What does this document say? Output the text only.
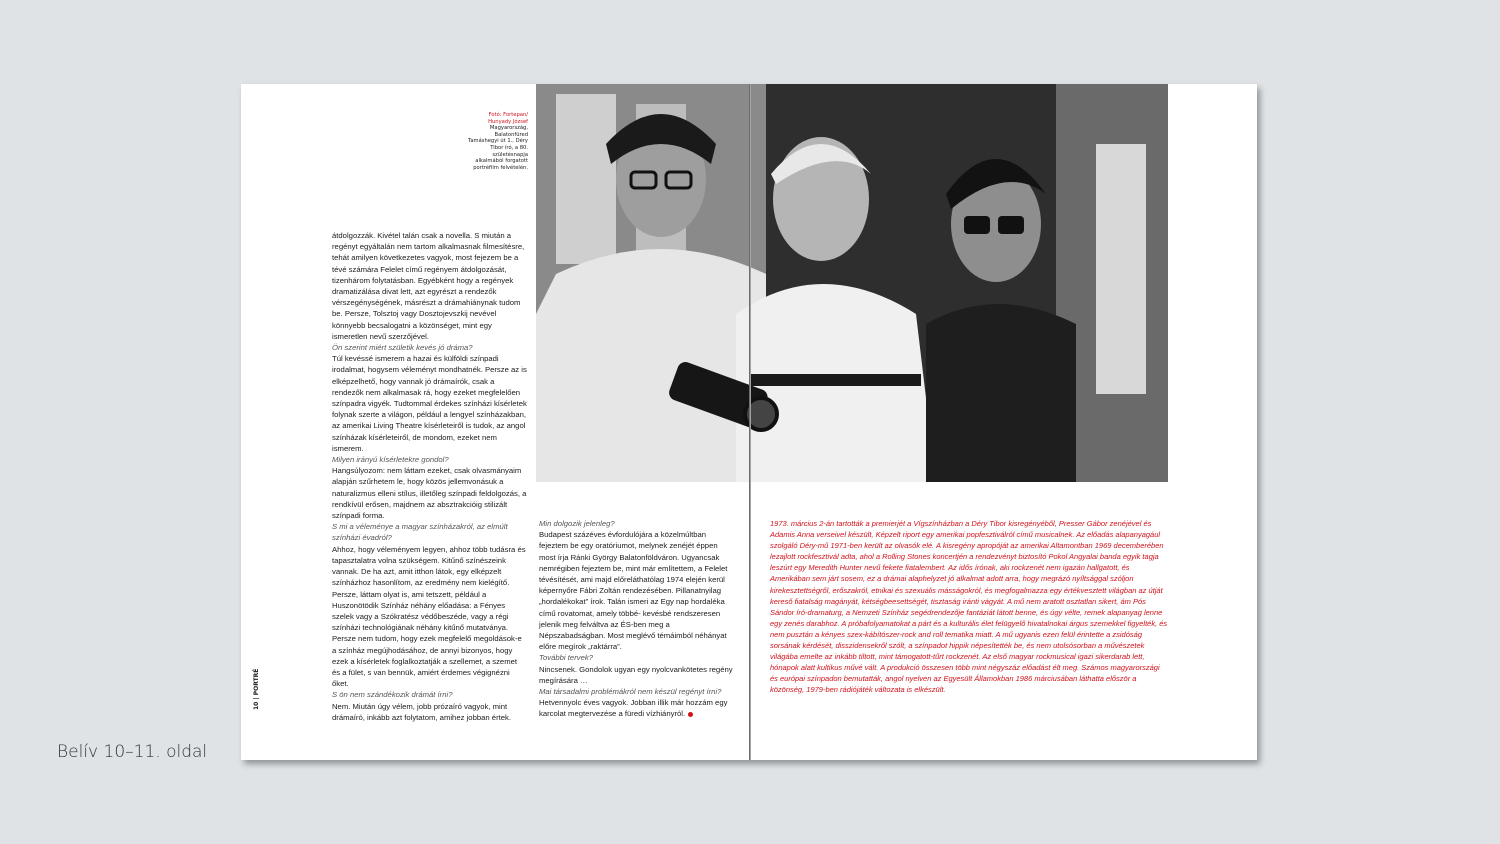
Fotó: Fortepan/ Hunyady József Magyarország, Balatonfüred Tamáshegyi út 1., Déry Tibor író, a 80. születésnapja alkalmából forgatott portréfilm felvételén.

átdolgozzák. Kivétel talán csak a novella. S miután a regényt egyáltalán nem tartom alkalmasnak filmesítésre, tehát amilyen következetes vagyok, most fejezem be a tévé számára Felelet című regényem átdolgozását, tizenhárom folytatásban. Egyébként hogy a regények dramatizálása divat lett, azt egyrészt a rendezők vérszegénységének, másrészt a drámahiánynak tudom be. Persze, Tolsztoj vagy Dosztojevszkij nevével könnyebb becsalogatni a közönséget, mint egy ismeretlen nevű szerzőjével.

Ön szerint miért születik kevés jó dráma?

Túl kevéssé ismerem a hazai és külföldi színpadi irodalmat, hogysem véleményt mondhatnék. Persze az is elképzelhető, hogy vannak jó drámaírók, csak a rendezők nem alkalmasak rá, hogy ezeket megfelelően színpadra vigyék. Tudtommal érdekes színházi kísérletek folynak szerte a világon, például a lengyel színházakban, az amerikai Living Theatre kísérleteiről is tudok, az angol színházak kísérleteiről, de mondom, ezeket nem ismerem.

Milyen irányú kísérletekre gondol?

Hangsúlyozom: nem láttam ezeket, csak olvasmányaim alapján szűrhetem le, hogy közös jellemvonásuk a naturalizmus elleni stílus, illetőleg színpadi feldolgozás, a rendkívül erősen, majdnem az absztrakcióig stilizált színpadi forma.

S mi a véleménye a magyar színházakról, az elmúlt színházi évadról?

Ahhoz, hogy véleményem legyen, ahhoz több tudásra és tapasztalatra volna szükségem. Kitűnő színészeink vannak. De ha azt, amit itthon látok, egy elképzelt színházhoz hasonlítom, az eredmény nem kielégítő. Persze, láttam olyat is, ami tetszett, például a Huszonötödik Színház néhány előadása: a Fényes szelek vagy a Szókratész védőbeszéde, vagy a régi színházi technológiának néhány kitűnő mutatványa. Persze nem tudom, hogy ezek megfelelő megoldások-e a színház megújhodásához, de annyi bizonyos, hogy ezek a kísérletek foglalkoztatják a szellemet, a szemet és a fület, s van bennük, amiért érdemes végignézni őket.

S ön nem szándékozik drámát írni?

Nem. Miután úgy vélem, jobb prózaíró vagyok, mint drámaíró, inkább azt folytatom, amihez jobban értek.

Min dolgozik jelenleg?

Budapest százéves évfordulójára a közelmúltban fejeztem be egy oratóriumot, melynek zenéjét éppen most írja Ránki György Balatonföldváron. Ugyancsak nemrégiben fejeztem be, mint már említettem, a Felelet tévésítését, ami majd előreláthatólag 1974 elején kerül képernyőre Fábri Zoltán rendezésében. Pillanatnyilag „hordalékokat” írok. Talán ismeri az Egy nap hordaléka című rovatomat, amely többé- kevésbé rendszeresen jelenik meg felváltva az ÉS-ben meg a Népszabadságban. Most meglévő témáimból néhányat előre megírok „raktárra”.

További tervek?

Nincsenek. Gondolok ugyan egy nyolcvankötetes regény megírására …

Mai társadalmi problémákról nem készül regényt írni?

Hetvennyolc éves vagyok. Jobban illik már hozzám egy karcolat megtervezése a füredi vízhiányról.

1973. március 2-án tartották a premierjét a Vígszínházban a Déry Tibor kisregényéből, Presser Gábor zenéjével és Adamis Anna verseivel készült, Képzelt riport egy amerikai popfesztiválról című musicalnek. Az előadás alapanyagául szolgáló Déry-mű 1971-ben került az olvasók elé. A kisregény apropóját az amerikai Altamontban 1969 decemberében lezajlott rockfesztivál adta, ahol a Rolling Stones koncertjén a rendezvényt biztosító Pokol Angyalai banda egyik tagja leszúrt egy Meredith Hunter nevű fekete fiatalembert. Az idős írónak, aki rockzenét nem igazán hallgatott, és Amerikában sem járt sosem, ez a drámai alaphelyzet jó alkalmat adott arra, hogy megrázó nyíltsággal szóljon kirekesztettségről, erőszakról, etnikai és szexuális másságokról, és megfogalmazza egy értékvesztett világban az útját kereső fiatalság magányát, kétségbeesettségét, tisztaság iránti vágyát. A mű nem aratott osztatlan sikert, ám Pós Sándor író-dramaturg, a Nemzeti Színház segédrendezője fantáziát látott benne, és úgy vélte, remek alapanyag lenne egy zenés darabhoz. A próbafolyamatokat a párt és a kulturális élet felügyelő hivatalnokai árgus szemekkel figyelték, és nem pusztán a kényes szex-kábítószer-rock and roll tematika miatt. A mű ugyanis ezen felül érintette a zsidóság sorsának kérdését, disszidensekről szólt, a színpadot hippik népesítették be, és nem utolsósorban a művészetek világába emelte az inkább tiltott, mint támogatott-tűrt rockzenét. Az első magyar rockmusical igazi sikerdarab lett, hónapok alatt kultikus művé vált. A produkció összesen több mint négyszáz előadást élt meg. Számos magyarországi és európai színpadon bemutatták, angol nyelven az Egyesült Államokban 1986 márciusában láthatta először a közönség, 1979-ben rádiójáték változata is elkészült.
10 | PORTRÉ
Belív 10–11. oldal
